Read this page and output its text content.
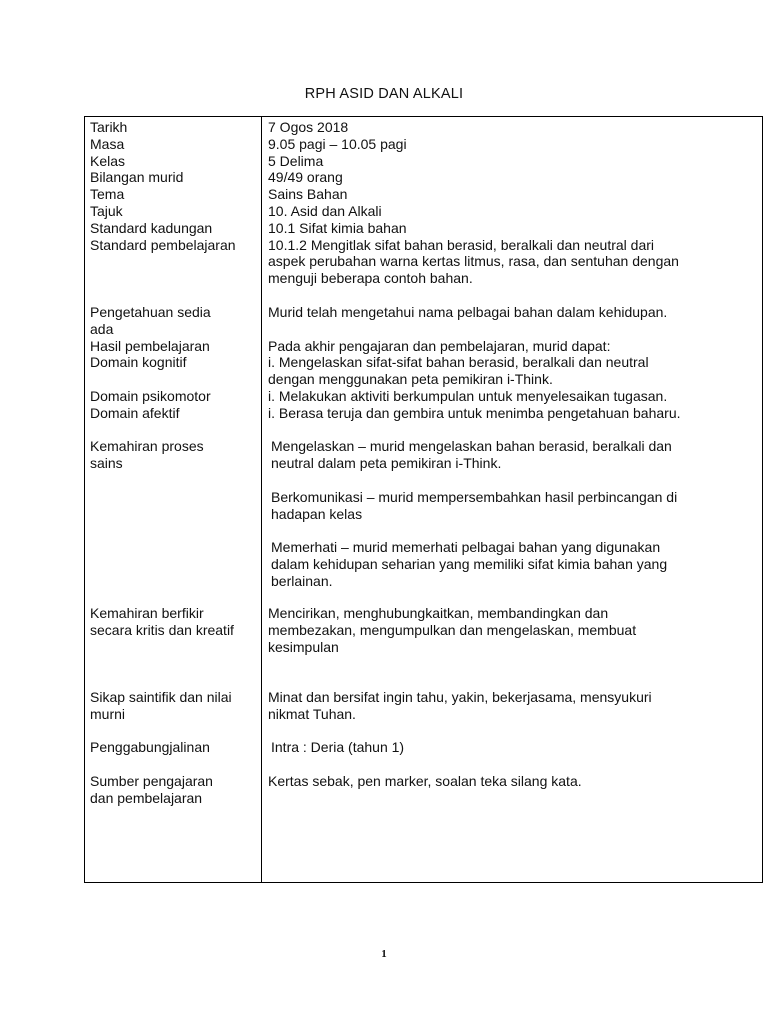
RPH ASID DAN ALKALI
Tarikh
Masa
Kelas
Bilangan murid
Tema
Tajuk
Standard kadungan
Standard pembelajaran
Pengetahuan sedia
ada
Hasil pembelajaran
Domain kognitif
Domain psikomotor
Domain afektif
Kemahiran proses
sains
Kemahiran berfikir
secara kritis dan kreatif
Sikap saintifik dan nilai
murni
Penggabungjalinan
Sumber pengajaran
dan pembelajaran
7 Ogos 2018
9.05 pagi – 10.05 pagi
5 Delima
49/49 orang
Sains Bahan
10. Asid dan Alkali
10.1 Sifat kimia bahan
10.1.2 Mengitlak sifat bahan berasid, beralkali dan neutral dari
aspek perubahan warna kertas litmus, rasa, dan sentuhan dengan
menguji beberapa contoh bahan.
Murid telah mengetahui nama pelbagai bahan dalam kehidupan.
Pada akhir pengajaran dan pembelajaran, murid dapat:
i. Mengelaskan sifat-sifat bahan berasid, beralkali dan neutral
dengan menggunakan peta pemikiran i-Think.
i. Melakukan aktiviti berkumpulan untuk menyelesaikan tugasan.
i. Berasa teruja dan gembira untuk menimba pengetahuan baharu.
Mengelaskan – murid mengelaskan bahan berasid, beralkali dan
neutral dalam peta pemikiran i-Think.
Berkomunikasi – murid mempersembahkan hasil perbincangan di
hadapan kelas
Memerhati – murid memerhati pelbagai bahan yang digunakan
dalam kehidupan seharian yang memiliki sifat kimia bahan yang
berlainan.
Mencirikan, menghubungkaitkan, membandingkan dan
membezakan, mengumpulkan dan mengelaskan, membuat
kesimpulan
Minat dan bersifat ingin tahu, yakin, bekerjasama, mensyukuri
nikmat Tuhan.
Intra : Deria (tahun 1)
Kertas sebak, pen marker, soalan teka silang kata.
1
